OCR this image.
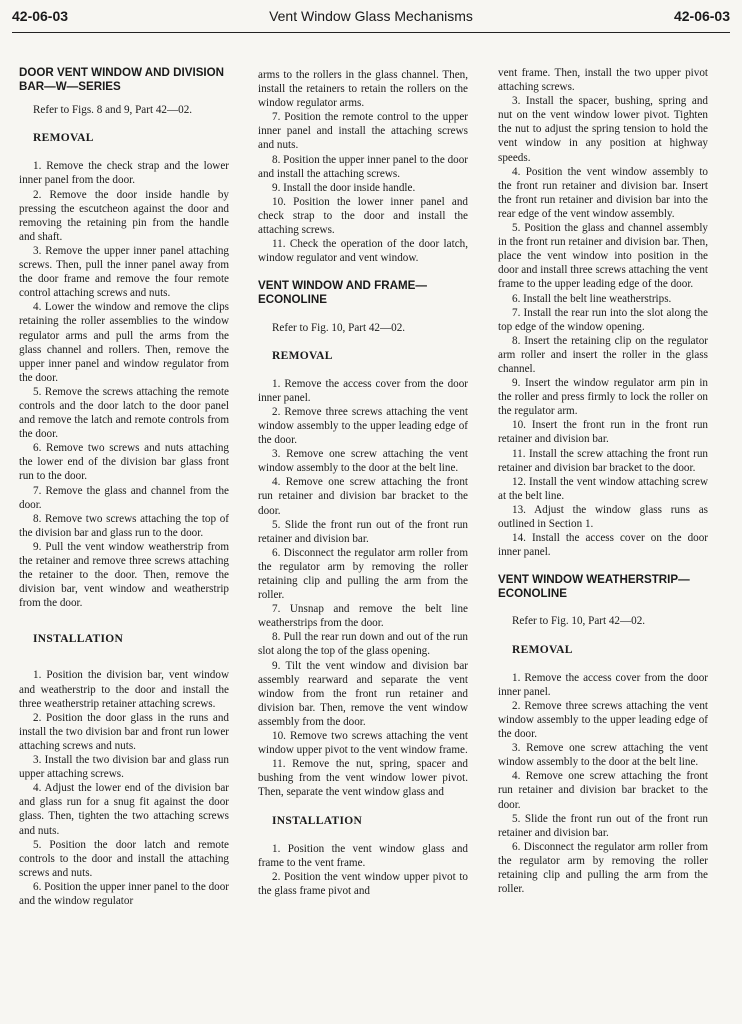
42-06-03	Vent Window Glass Mechanisms	42-06-03
DOOR VENT WINDOW AND DIVISION BAR—W—SERIES

Refer to Figs. 8 and 9, Part 42—02.

REMOVAL

1. Remove the check strap and the lower inner panel from the door.

2. Remove the door inside handle by pressing the escutcheon against the door and removing the retaining pin from the handle and shaft.

3. Remove the upper inner panel attaching screws. Then, pull the inner panel away from the door frame and remove the four remote control attaching screws and nuts.

4. Lower the window and remove the clips retaining the roller assemblies to the window regulator arms and pull the arms from the glass channel and rollers. Then, remove the upper inner panel and window regulator from the door.

5. Remove the screws attaching the remote controls and the door latch to the door panel and remove the latch and remote controls from the door.

6. Remove two screws and nuts attaching the lower end of the division bar glass front run to the door.

7. Remove the glass and channel from the door.

8. Remove two screws attaching the top of the division bar and glass run to the door.

9. Pull the vent window weatherstrip from the retainer and remove three screws attaching the retainer to the door. Then, remove the division bar, vent window and weatherstrip from the door.

INSTALLATION

1. Position the division bar, vent window and weatherstrip to the door and install the three weatherstrip retainer attaching screws.

2. Position the door glass in the runs and install the two division bar and front run lower attaching screws and nuts.

3. Install the two division bar and glass run upper attaching screws.

4. Adjust the lower end of the division bar and glass run for a snug fit against the door glass. Then, tighten the two attaching screws and nuts.

5. Position the door latch and remote controls to the door and install the attaching screws and nuts.

6. Position the upper inner panel to the door and the window regulator

arms to the rollers in the glass channel. Then, install the retainers to retain the rollers on the window regulator arms.

7. Position the remote control to the upper inner panel and install the attaching screws and nuts.

8. Position the upper inner panel to the door and install the attaching screws.

9. Install the door inside handle.

10. Position the lower inner panel and check strap to the door and install the attaching screws.

11. Check the operation of the door latch, window regulator and vent window.

VENT WINDOW AND FRAME—ECONOLINE

Refer to Fig. 10, Part 42—02.

REMOVAL

1. Remove the access cover from the door inner panel.

2. Remove three screws attaching the vent window assembly to the upper leading edge of the door.

3. Remove one screw attaching the vent window assembly to the door at the belt line.

4. Remove one screw attaching the front run retainer and division bar bracket to the door.

5. Slide the front run out of the front run retainer and division bar.

6. Disconnect the regulator arm roller from the regulator arm by removing the roller retaining clip and pulling the arm from the roller.

7. Unsnap and remove the belt line weatherstrips from the door.

8. Pull the rear run down and out of the run slot along the top of the glass opening.

9. Tilt the vent window and division bar assembly rearward and separate the vent window from the front run retainer and division bar. Then, remove the vent window assembly from the door.

10. Remove two screws attaching the vent window upper pivot to the vent window frame.

11. Remove the nut, spring, spacer and bushing from the vent window lower pivot. Then, separate the vent window glass and

INSTALLATION

1. Position the vent window glass and frame to the vent frame.

2. Position the vent window upper pivot to the glass frame pivot and

vent frame. Then, install the two upper pivot attaching screws.

3. Install the spacer, bushing, spring and nut on the vent window lower pivot. Tighten the nut to adjust the spring tension to hold the vent window in any position at highway speeds.

4. Position the vent window assembly to the front run retainer and division bar. Insert the front run retainer and division bar into the rear edge of the vent window assembly.

5. Position the glass and channel assembly in the front run retainer and division bar. Then, place the vent window into position in the door and install three screws attaching the vent frame to the upper leading edge of the door.

6. Install the belt line weatherstrips.

7. Install the rear run into the slot along the top edge of the window opening.

8. Insert the retaining clip on the regulator arm roller and insert the roller in the glass channel.

9. Insert the window regulator arm pin in the roller and press firmly to lock the roller on the regulator arm.

10. Insert the front run in the front run retainer and division bar.

11. Install the screw attaching the front run retainer and division bar bracket to the door.

12. Install the vent window attaching screw at the belt line.

13. Adjust the window glass runs as outlined in Section 1.

14. Install the access cover on the door inner panel.

VENT WINDOW WEATHERSTRIP—ECONOLINE

Refer to Fig. 10, Part 42—02.

REMOVAL

1. Remove the access cover from the door inner panel.

2. Remove three screws attaching the vent window assembly to the upper leading edge of the door.

3. Remove one screw attaching the vent window assembly to the door at the belt line.

4. Remove one screw attaching the front run retainer and division bar bracket to the door.

5. Slide the front run out of the front run retainer and division bar.

6. Disconnect the regulator arm roller from the regulator arm by removing the roller retaining clip and pulling the arm from the roller.
